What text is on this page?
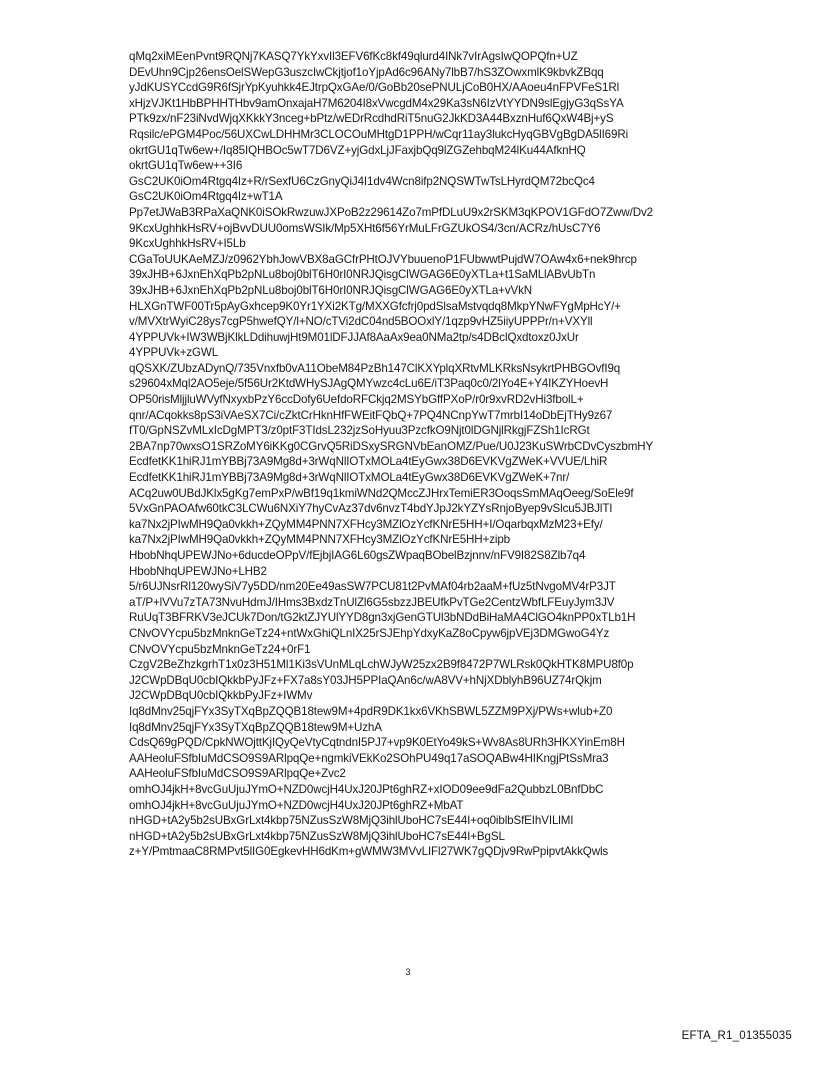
qMq2xiMEenPvnt9RQNj7KASQ7YkYxvIl3EFV6fKc8kf49qlurd4INk7vIrAgsIwQOPQfn+UZ
DEvUhn9Cjp26ensOelSWepG3uszcIwCkjtjof1oYjpAd6c96ANy7lbB7/hS3ZOwxmlK9kbvkZBqq
yJdKUSYCcdG9R6fSjrYpKyuhkk4EJtrpQxGAe/0/GoBb20sePNULjCoB0HX/AAoeu4nFPVFeS1Rl
xHjzVJKt1HbBPHHTHbv9amOnxajaH7M6204I8xVwcgdM4x29Ka3sN6IzVtYYDN9slEgjyG3qSsYA
PTk9zx/nF23iNvdWjqXKkkY3nceg+bPtz/wEDrRcdhdRiT5nuG2JkKD3A44BxznHuf6QxW4Bj+yS
Rqsilc/ePGM4Poc/56UXCwLDHHMr3CLOCOuMHtgD1PPH/wCqr11ay3lukcHyqGBVgBgDA5lI69Ri
okrtGU1qTw6ew+/Iq85IQHBOc5wT7D6VZ+yjGdxLjJFaxjbQq9lZGZehbqM24lKu44AfknHQ
okrtGU1qTw6ew++3I6
GsC2UK0iOm4Rtgq4Iz+R/rSexfU6CzGnyQiJ4I1dv4Wcn8ifp2NQSWTwTsLHyrdQM72bcQc4
GsC2UK0iOm4Rtgq4Iz+wT1A
Pp7etJWaB3RPaXaQNK0iSOkRwzuwJXPoB2z29614Zo7mPfDLuU9x2rSKM3qKPOV1GFdO7Zww/Dv2
9KcxUghhkHsRV+ojBvvDUU0omsWSIk/Mp5XHt6f56YrMuLFrGZUkOS4/3cn/ACRz/hUsC7Y6
9KcxUghhkHsRV+I5Lb
CGaToUUKAeMZJ/z0962YbhJowVBX8aGCfrPHtOJVYbuuenoP1FUbwwtPujdW7OAw4x6+nek9hrcp
39xJHB+6JxnEhXqPb2pNLu8boj0blT6H0rI0NRJQisgClWGAG6E0yXTLa+t1SaMLlABvUbTn
39xJHB+6JxnEhXqPb2pNLu8boj0blT6H0rI0NRJQisgClWGAG6E0yXTLa+vVkN
HLXGnTWF00Tr5pAyGxhcep9K0Yr1YXi2KTg/MXXGfcfrj0pdSlsaMstvqdq8MkpYNwFYgMpHcY/+
v/MVXtrWyiC28ys7cgP5hwefQY/l+NO/cTVi2dC04nd5BOOxlY/1qzp9vHZ5iiyUPPPr/n+VXYll
4YPPUVk+IW3WBjKlkLDdihuwjHt9M01lDFJJAf8AaAx9ea0NMa2tp/s4DBclQxdtoxz0JxUr
4YPPUVk+zGWL
qQSXK/ZUbzADynQ/735Vnxfb0vA11ObeM84PzBh147ClKXYplqXRtvMLKRksNsykrtPHBGOvfI9q
s29604xMql2AO5eje/5f56Ur2KtdWHySJAgQMYwzc4cLu6E/iT3Paq0c0/2lYo4E+Y4IKZYHoevH
OP50risMljjluWVyfNxyxbPzY6ccDofy6UefdoRFCkjq2MSYbGffPXoP/r0r9xvRD2vHi3fbolL+
qnr/ACqokks8pS3iVAeSX7Ci/cZktCrHknHfFWEitFQbQ+7PQ4NCnpYwT7mrbI14oDbEjTHy9z67
fT0/GpNSZvMLxIcDgMPT3/z0ptF3TIdsL232jzSoHyuu3PzcfkO9Njt0lDGNjlRkgjFZSh1IcRGt
2BA7np70wxsO1SRZoMY6iKKg0CGrvQ5RiDSxySRGNVbEanOMZ/Pue/U0J23KuSWrbCDvCyszbmHY
EcdfetKK1hiRJ1mYBBj73A9Mg8d+3rWqNlIOTxMOLa4tEyGwx38D6EVKVgZWeK+VVUE/LhiR
EcdfetKK1hiRJ1mYBBj73A9Mg8d+3rWqNlIOTxMOLa4tEyGwx38D6EVKVgZWeK+7nr/
ACq2uw0UBdJKlx5gKg7emPxP/wBf19q1kmiWNd2QMccZJHrxTemiER3OoqsSmMAqOeeg/SoEle9f
5VxGnPAOAfw60tkC3LCWu6NXiY7hyCvAz37dv6nvzT4bdYJpJ2kYZYsRnjoByep9vSlcu5JBJlTI
ka7Nx2jPIwMH9Qa0vkkh+ZQyMM4PNN7XFHcy3MZlOzYcfKNrE5HH+I/OqarbqxMzM23+Efy/
ka7Nx2jPIwMH9Qa0vkkh+ZQyMM4PNN7XFHcy3MZlOzYcfKNrE5HH+zipb
HbobNhqUPEWJNo+6ducdeOPpV/fEjbjIAG6L60gsZWpaqBObelBzjnnv/nFV9I82S8Zlb7q4
HbobNhqUPEWJNo+LHB2
5/r6UJNsrRl120wySiV7y5DD/nm20Ee49asSW7PCU81t2PvMAf04rb2aaM+fUz5tNvgoMV4rP3JT
aT/P+lVVu7zTA73NvuHdmJ/IHms3BxdzTnUlZl6G5sbzzJBEUfkPvTGe2CentzWbfLFEuyJym3JV
RuUqT3BFRKV3eJCUk7Don/tG2ktZJYUlYYD8gn3xjGenGTUl3bNDdBiHaMA4ClGO4knPP0xTLb1H
CNvOVYcpu5bzMnknGeTz24+ntWxGhiQLnIX25rSJEhpYdxyKaZ8oCpyw6jpVEj3DMGwoG4Yz
CNvOVYcpu5bzMnknGeTz24+0rF1
CzgV2BeZhzkgrhT1x0z3H51Ml1Ki3sVUnMLqLchWJyW25zx2B9f8472P7WLRsk0QkHTK8MPU8f0p
J2CWpDBqU0cbIQkkbPyJFz+FX7a8sY03JH5PPIaQAn6c/wA8VV+hNjXDblyhB96UZ74rQkjm
J2CWpDBqU0cbIQkkbPyJFz+IWMv
Iq8dMnv25qjFYx3SyTXqBpZQQB18tew9M+4pdR9DK1kx6VKhSBWL5ZZM9PXj/PWs+wlub+Z0
Iq8dMnv25qjFYx3SyTXqBpZQQB18tew9M+UzhA
CdsQ69gPQD/CpkNWOjttKjIQyQeVtyCqtndnI5PJ7+vp9K0EtYo49kS+Wv8As8URh3HKXYinEm8H
AAHeoluFSfbIuMdCSO9S9ARlpqQe+ngmkiVEkKo2SOhPU49q17aSOQABw4HIKngjPtSsMra3
AAHeoluFSfbIuMdCSO9S9ARlpqQe+Zvc2
omhOJ4jkH+8vcGuUjuJYmO+NZD0wcjH4UxJ20JPt6ghRZ+xIOD09ee9dFa2QubbzL0BnfDbC
omhOJ4jkH+8vcGuUjuJYmO+NZD0wcjH4UxJ20JPt6ghRZ+MbAT
nHGD+tA2y5b2sUBxGrLxt4kbp75NZusSzW8MjQ3ihlUboHC7sE44I+oq0iblbSfEIhVILlMI
nHGD+tA2y5b2sUBxGrLxt4kbp75NZusSzW8MjQ3ihlUboHC7sE44I+BgSL
z+Y/PmtmaaC8RMPvt5lIG0EgkevHH6dKm+gWMW3MVvLIFl27WK7gQDjv9RwPpipvtAkkQwls
3
EFTA_R1_01355035
